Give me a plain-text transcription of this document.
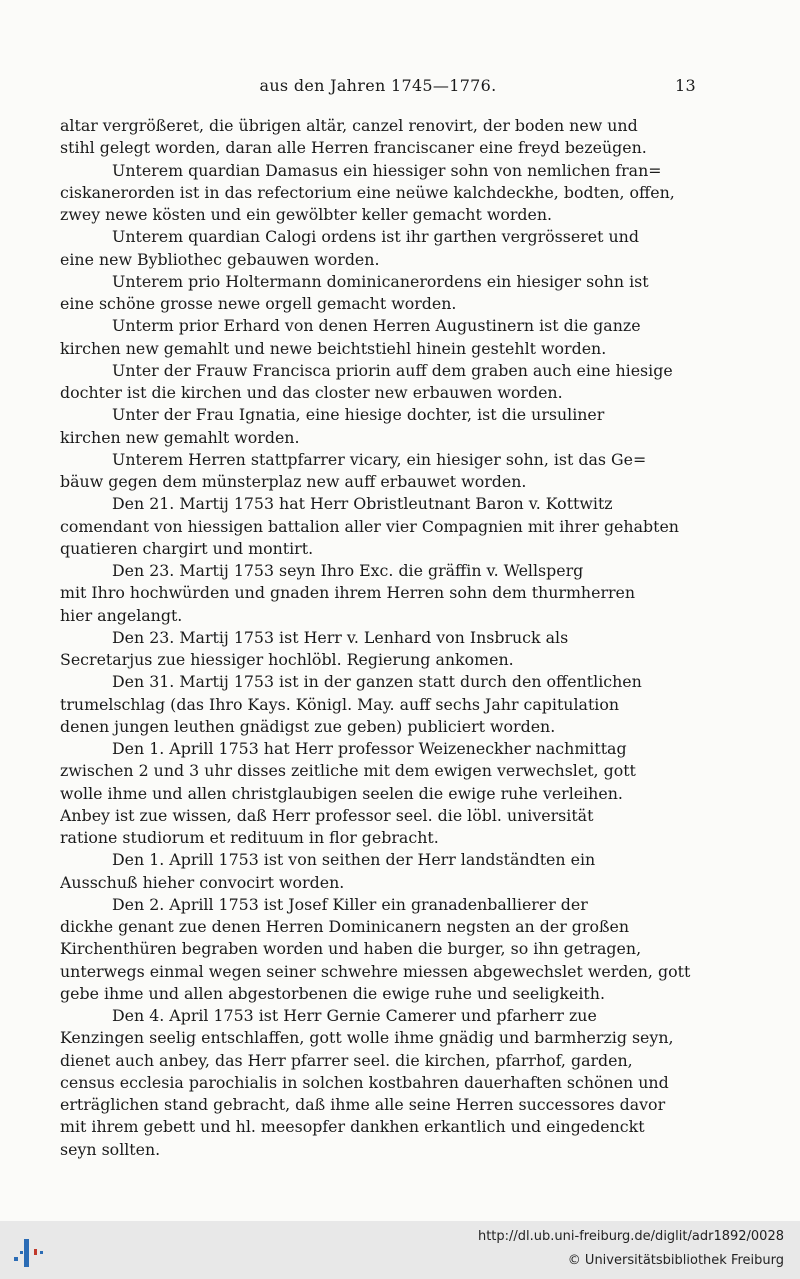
aus den Jahren 1745—1776.	13
altar vergrößeret, die übrigen altär, canzel renovirt, der boden new und
stihl gelegt worden, daran alle Herren franciscaner eine freyd bezeügen.
Unterem quardian Damasus ein hiessiger sohn von nemlichen fran=
ciskanerorden ist in das refectorium eine neüwe kalchdeckhe, bodten, offen,
zwey newe kösten und ein gewölbter keller gemacht worden.
Unterem quardian Calogi ordens ist ihr garthen vergrösseret und
eine new Bybliothec gebauwen worden.
Unterem prio Holtermann dominicanerordens ein hiesiger sohn ist
eine schöne grosse newe orgell gemacht worden.
Unterm prior Erhard von denen Herren Augustinern ist die ganze
kirchen new gemahlt und newe beichtstiehl hinein gestehlt worden.
Unter der Frauw Francisca priorin auff dem graben auch eine hiesige
dochter ist die kirchen und das closter new erbauwen worden.
Unter der Frau Ignatia, eine hiesige dochter, ist die ursuliner
kirchen new gemahlt worden.
Unterem Herren stattpfarrer vicary, ein hiesiger sohn, ist das Ge=
bäuw gegen dem münsterplaz new auff erbauwet worden.
Den 21. Martij 1753 hat Herr Obristleutnant Baron v. Kottwitz
comendant von hiessigen battalion aller vier Compagnien mit ihrer gehabten
quatieren chargirt und montirt.
Den 23. Martij 1753 seyn Ihro Exc. die gräffin v. Wellsperg
mit Ihro hochwürden und gnaden ihrem Herren sohn dem thurmherren
hier angelangt.
Den 23. Martij 1753 ist Herr v. Lenhard von Insbruck als
Secretarjus zue hiessiger hochlöbl. Regierung ankomen.
Den 31. Martij 1753 ist in der ganzen statt durch den offentlichen
trumelschlag (das Ihro Kays. Königl. May. auff sechs Jahr capitulation
denen jungen leuthen gnädigst zue geben) publiciert worden.
Den 1. Aprill 1753 hat Herr professor Weizeneckher nachmittag
zwischen 2 und 3 uhr disses zeitliche mit dem ewigen verwechslet, gott
wolle ihme und allen christglaubigen seelen die ewige ruhe verleihen.
Anbey ist zue wissen, daß Herr professor seel. die löbl. universität
ratione studiorum et redituum in flor gebracht.
Den 1. Aprill 1753 ist von seithen der Herr landständten ein
Ausschuß hieher convocirt worden.
Den 2. Aprill 1753 ist Josef Killer ein granadenballierer der
dickhe genant zue denen Herren Dominicanern negsten an der großen
Kirchenthüren begraben worden und haben die burger, so ihn getragen,
unterwegs einmal wegen seiner schwehre miessen abgewechslet werden, gott
gebe ihme und allen abgestorbenen die ewige ruhe und seeligkeith.
Den 4. April 1753 ist Herr Gernie Camerer und pfarherr zue
Kenzingen seelig entschlaffen, gott wolle ihme gnädig und barmherzig seyn,
dienet auch anbey, das Herr pfarrer seel. die kirchen, pfarrhof, garden,
census ecclesia parochialis in solchen kostbahren dauerhaften schönen und
erträglichen stand gebracht, daß ihme alle seine Herren successores davor
mit ihrem gebett und hl. meesopfer dankhen erkantlich und eingedenckt
seyn sollten.
http://dl.ub.uni-freiburg.de/diglit/adr1892/0028
© Universitätsbibliothek Freiburg
